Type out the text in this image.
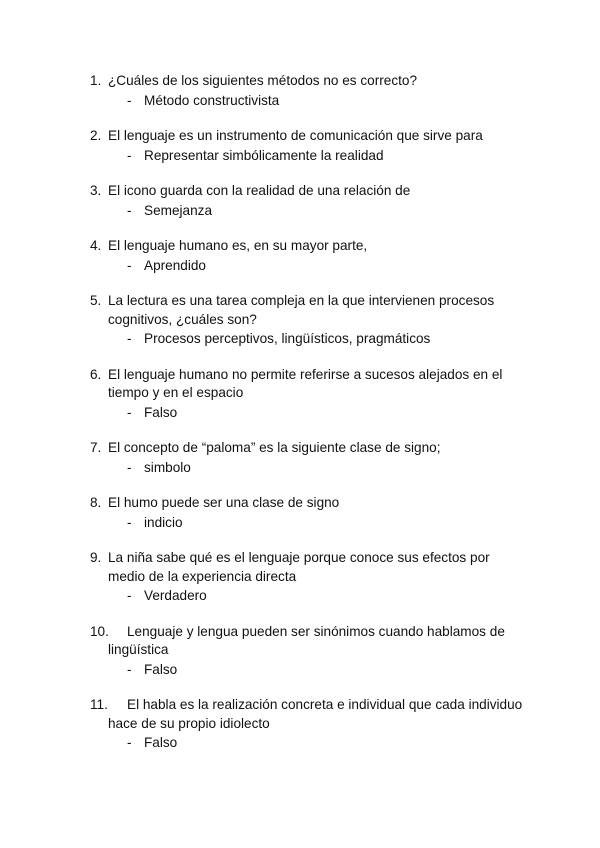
1. ¿Cuáles de los siguientes métodos no es correcto?
- Método constructivista
2. El lenguaje es un instrumento de comunicación que sirve para
- Representar simbólicamente la realidad
3. El icono guarda con la realidad de una relación de
- Semejanza
4. El lenguaje humano es, en su mayor parte,
- Aprendido
5. La lectura es una tarea compleja en la que intervienen procesos cognitivos, ¿cuáles son?
- Procesos perceptivos, lingüísticos, pragmáticos
6. El lenguaje humano no permite referirse a sucesos alejados en el tiempo y en el espacio
- Falso
7. El concepto de “paloma” es la siguiente clase de signo;
- simbolo
8. El humo puede ser una clase de signo
- indicio
9. La niña sabe qué es el lenguaje porque conoce sus efectos por medio de la experiencia directa
- Verdadero
10.	Lenguaje y lengua pueden ser sinónimos cuando hablamos de lingüística
- Falso
11.	El habla es la realización concreta e individual que cada individuo hace de su propio idiolecto
- Falso
